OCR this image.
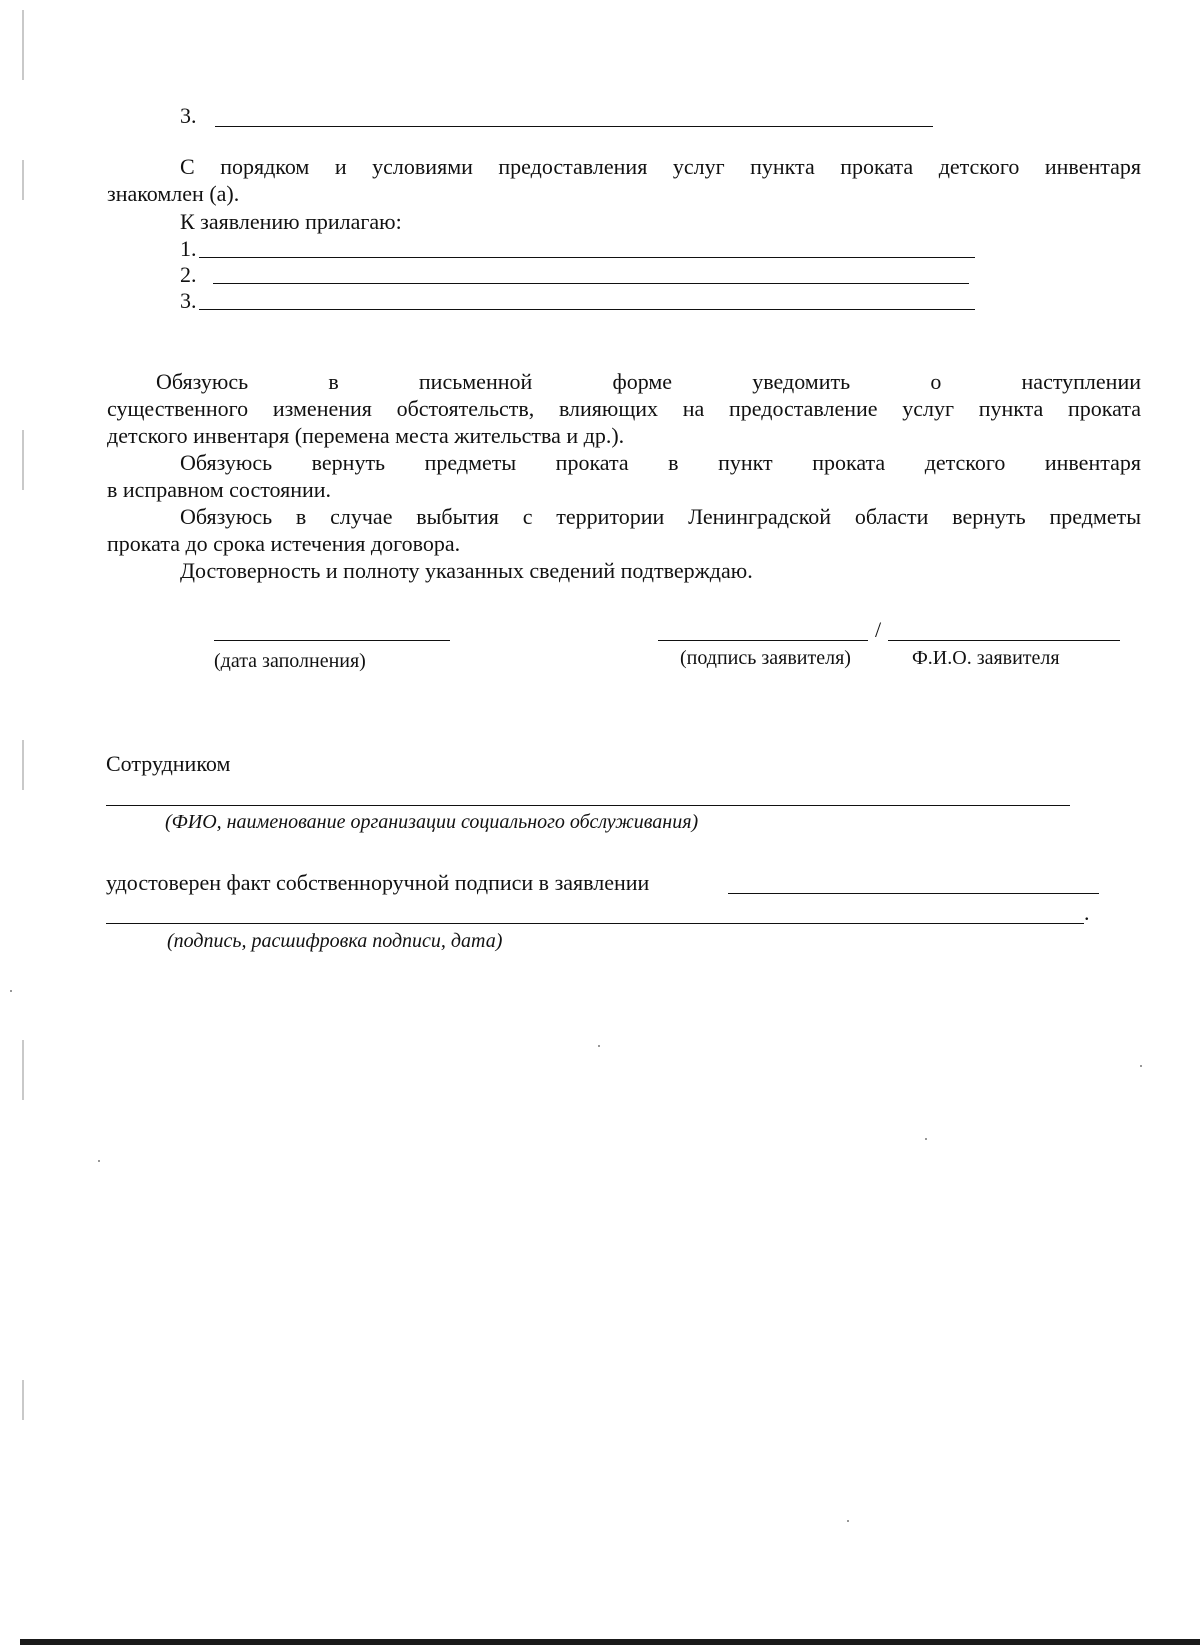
3.
С порядком и условиями предоставления услуг пункта проката детского инвентаря
знакомлен (а).
К заявлению прилагаю:
1.
2.
3.
Обязуюсь в письменной форме уведомить о наступлении
существенного изменения обстоятельств, влияющих на предоставление услуг пункта проката
детского инвентаря (перемена места жительства и др.).
Обязуюсь вернуть предметы проката в пункт проката детского инвентаря
в исправном состоянии.
Обязуюсь в случае выбытия с территории Ленинградской области вернуть предметы
проката до срока истечения договора.
Достоверность и полноту указанных сведений подтверждаю.
(дата заполнения)
/
(подпись заявителя)	Ф.И.О. заявителя
Сотрудником
(ФИО, наименование организации социального обслуживания)
удостоверен факт собственноручной подписи в заявлении
.
(подпись, расшифровка подписи, дата)
